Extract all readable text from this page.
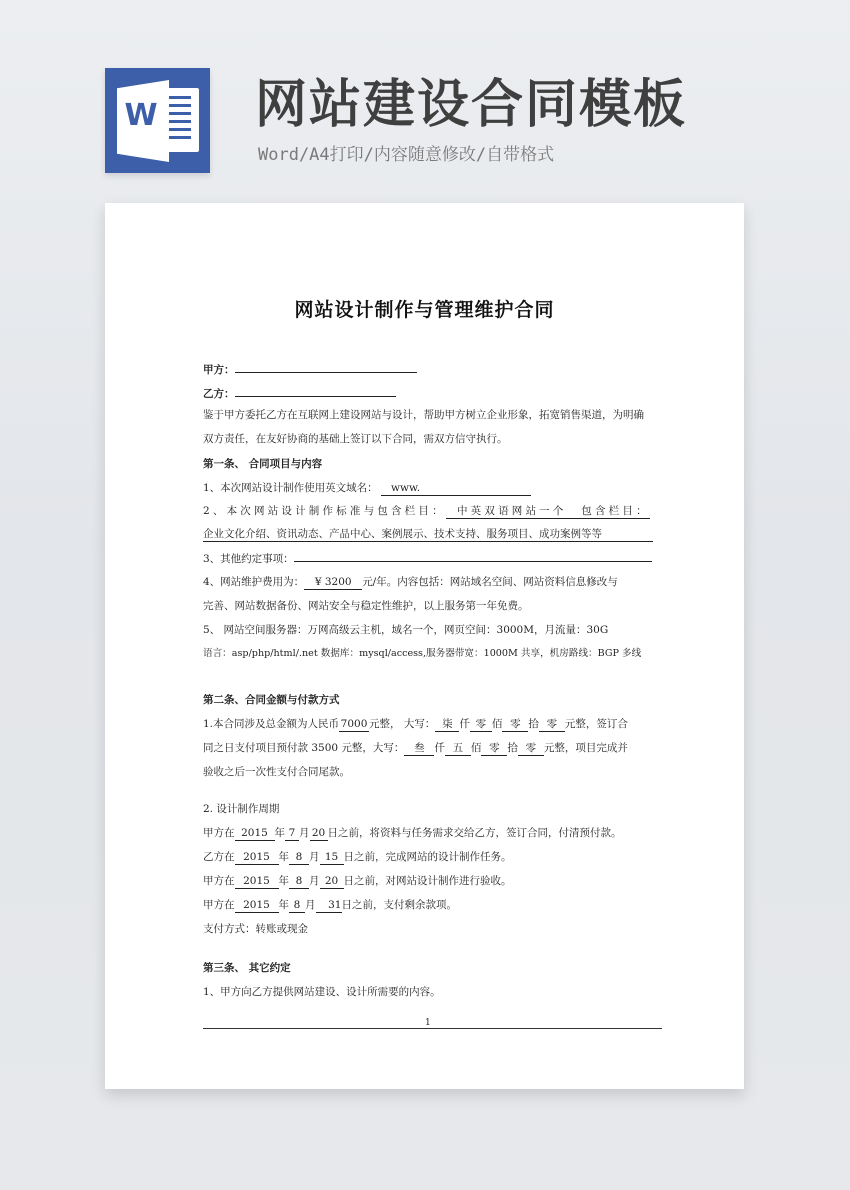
W 网站建设合同模板
Word/A4打印/内容随意修改/自带格式
网站设计制作与管理维护合同
甲方：
乙方：
鉴于甲方委托乙方在互联网上建设网站与设计，帮助甲方树立企业形象，拓宽销售渠道，为明确
双方责任，在友好协商的基础上签订以下合同，需双方信守执行。
第一条、 合同项目与内容
1、本次网站设计制作使用英文域名： www.
2、本次网站设计制作标准与包含栏目： 中英双语网站一个 包含栏目：
企业文化介绍、资讯动态、产品中心、案例展示、技术支持、服务项目、成功案例等等
3、其他约定事项：
4、网站维护费用为： ¥ 3200 元/年。内容包括：网站域名空间、网站资料信息修改与
完善、网站数据备份、网站安全与稳定性维护，以上服务第一年免费。
5、 网站空间服务器：万网高级云主机，域名一个，网页空间：3000M，月流量：30G
语言：asp/php/html/.net 数据库：mysql/access,服务器带宽：1000M 共享，机房路线：BGP 多线
第二条、合同金额与付款方式
1.本合同涉及总金额为人民币 7000 元整， 大写： 柒 仟 零 佰 零 拾 零 元整，签订合
同之日支付项目预付款 3500 元整，大写： 叁 仟 五 佰 零 拾 零 元整，项目完成并
验收之后一次性支付合同尾款。
2. 设计制作周期
甲方在 2015 年 7 月 20 日之前，将资料与任务需求交给乙方，签订合同，付清预付款。
乙方在 2015 年 8 月 15 日之前，完成网站的设计制作任务。
甲方在 2015 年 8 月 20 日之前，对网站设计制作进行验收。
甲方在 2015 年 8 月 31日之前，支付剩余款项。
支付方式：转账或现金
第三条、 其它约定
1、甲方向乙方提供网站建设、设计所需要的内容。
1
